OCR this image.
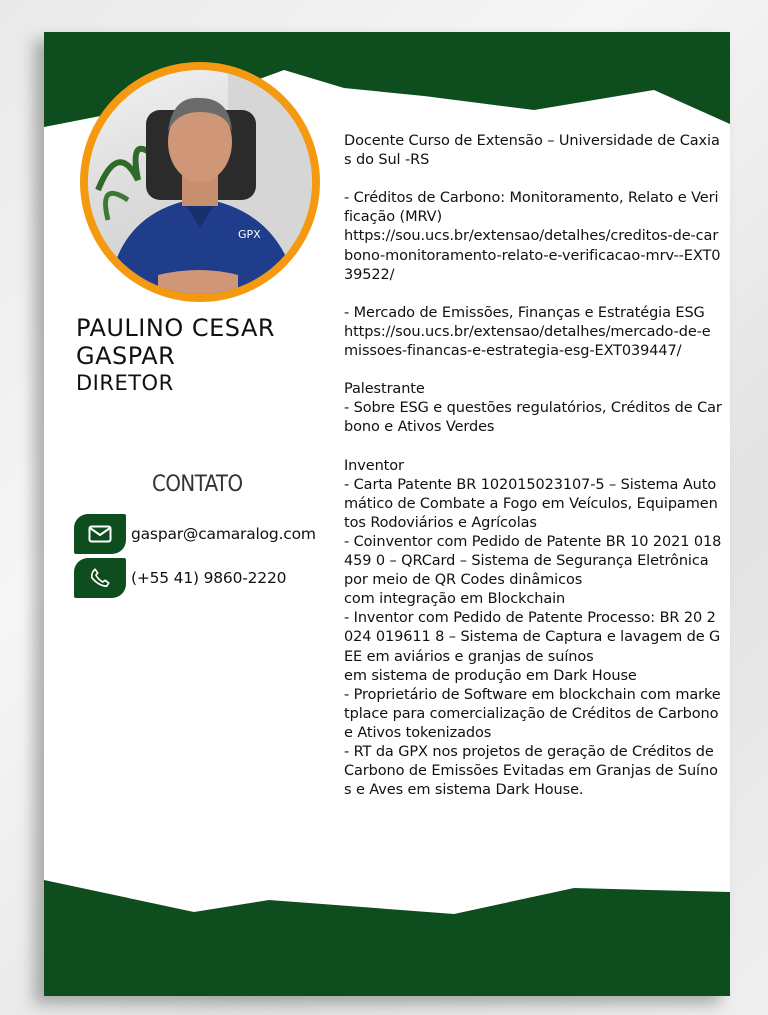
GPX
PAULINO CESAR
GASPAR
DIRETOR
CONTATO
gaspar@camaralog.com
(+55 41) 9860-2220
Docente Curso de Extensão – Universidade de Caxias do Sul -RS
- Créditos de Carbono: Monitoramento, Relato e Verificação (MRV)
https://sou.ucs.br/extensao/detalhes/creditos-de-carbono-monitoramento-relato-e-verificacao-mrv--EXT039522/
- Mercado de Emissões, Finanças e Estratégia ESG
https://sou.ucs.br/extensao/detalhes/mercado-de-emissoes-financas-e-estrategia-esg-EXT039447/
Palestrante
- Sobre ESG e questões regulatórios, Créditos de Carbono e Ativos Verdes
Inventor
- Carta Patente BR 102015023107-5 – Sistema Automático de Combate a Fogo em Veículos, Equipamentos Rodoviários e Agrícolas
- Coinventor com Pedido de Patente BR 10 2021 018459 0 – QRCard – Sistema de Segurança Eletrônica por meio de QR Codes dinâmicos
com integração em Blockchain
- Inventor com Pedido de Patente Processo: BR 20 2024 019611 8 – Sistema de Captura e lavagem de GEE em aviários e granjas de suínos
em sistema de produção em Dark House
- Proprietário de Software em blockchain com marketplace para comercialização de Créditos de Carbono e Ativos tokenizados
- RT da GPX nos projetos de geração de Créditos de Carbono de Emissões Evitadas em Granjas de Suínos e Aves em sistema Dark House.
